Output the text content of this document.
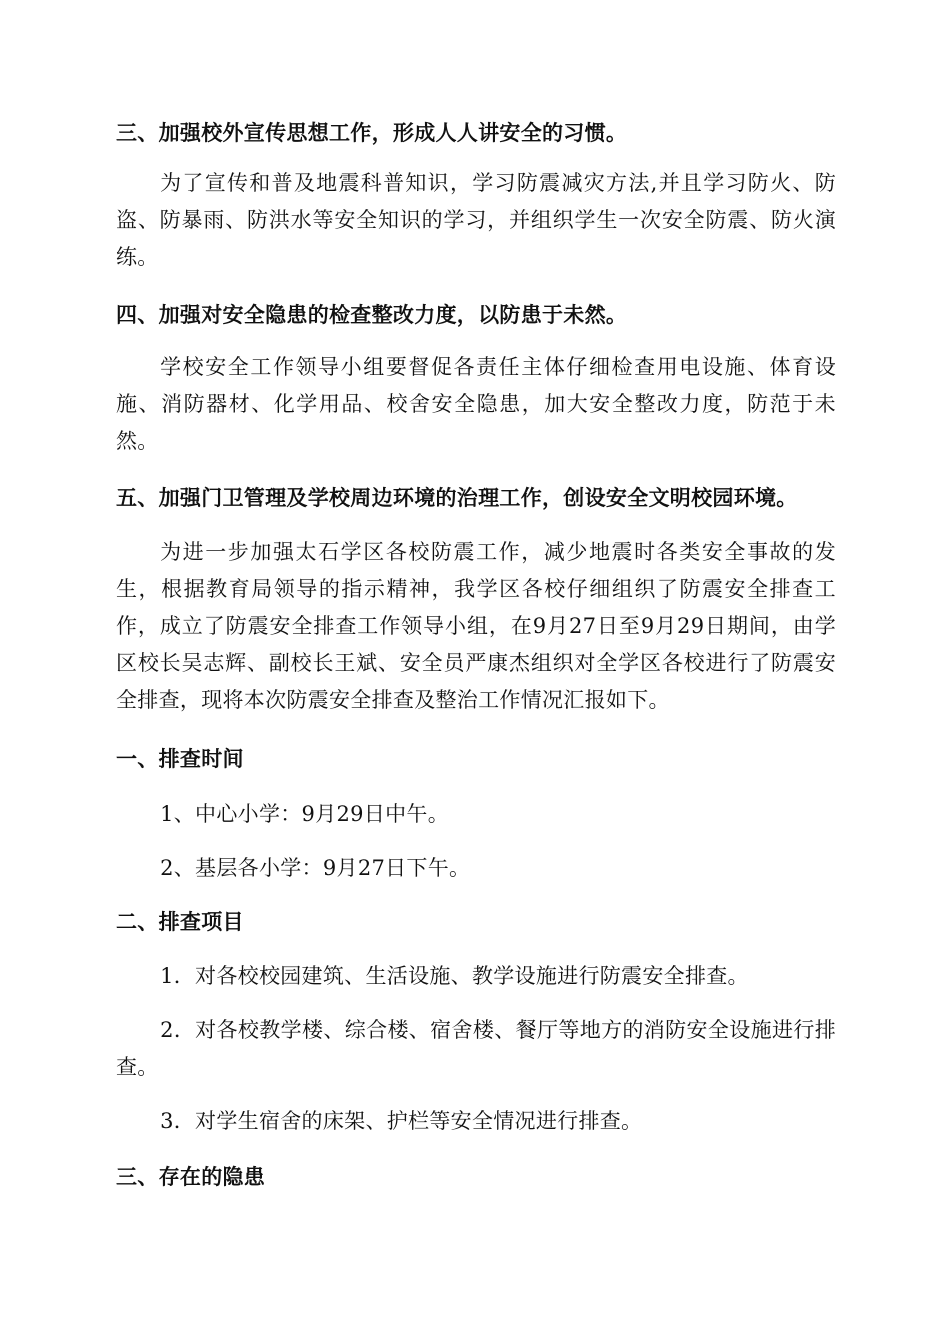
三、加强校外宣传思想工作，形成人人讲安全的习惯。

为了宣传和普及地震科普知识，学习防震减灾方法,并且学习防火、防盗、防暴雨、防洪水等安全知识的学习，并组织学生一次安全防震、防火演练。

四、加强对安全隐患的检查整改力度，以防患于未然。

学校安全工作领导小组要督促各责任主体仔细检查用电设施、体育设施、消防器材、化学用品、校舍安全隐患，加大安全整改力度，防范于未然。

五、加强门卫管理及学校周边环境的治理工作，创设安全文明校园环境。

为进一步加强太石学区各校防震工作，减少地震时各类安全事故的发生，根据教育局领导的指示精神，我学区各校仔细组织了防震安全排查工作，成立了防震安全排查工作领导小组，在9月27日至9月29日期间，由学区校长吴志辉、副校长王斌、安全员严康杰组织对全学区各校进行了防震安全排查，现将本次防震安全排查及整治工作情况汇报如下。

一、排查时间

1、中心小学：9月29日中午。

2、基层各小学：9月27日下午。

二、排查项目

1．对各校校园建筑、生活设施、教学设施进行防震安全排查。

2．对各校教学楼、综合楼、宿舍楼、餐厅等地方的消防安全设施进行排查。

3．对学生宿舍的床架、护栏等安全情况进行排查。

三、存在的隐患
